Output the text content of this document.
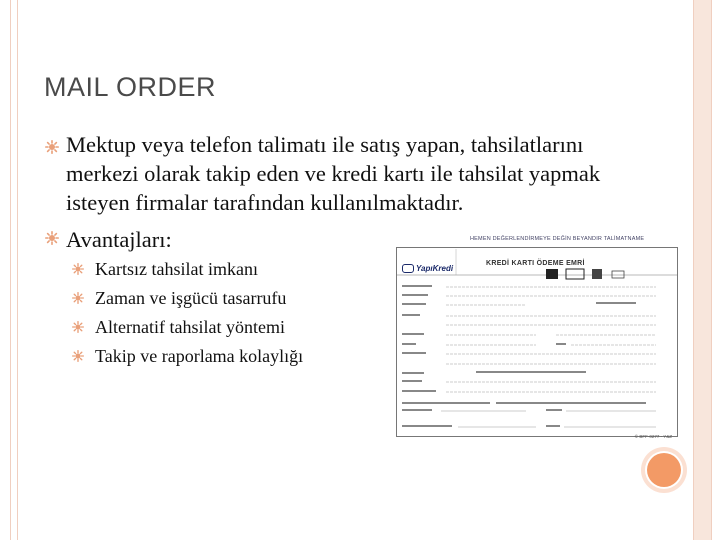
MAIL ORDER
Mektup veya telefon talimatı ile satış yapan, tahsilatlarını merkezi olarak takip eden ve kredi kartı ile tahsilat yapmak isteyen firmalar tarafından kullanılmaktadır.
Avantajları:
Kartsız tahsilat imkanı
Zaman ve işgücü tasarrufu
Alternatif tahsilat yöntemi
Takip ve raporlama kolaylığı
HEMEN DEĞERLENDİRMEYE DEĞİN BEYANDIR TALİMATNAME
YapıKredi
KREDİ KARTI ÖDEME EMRİ
© BFF-0277 - Y&Z
